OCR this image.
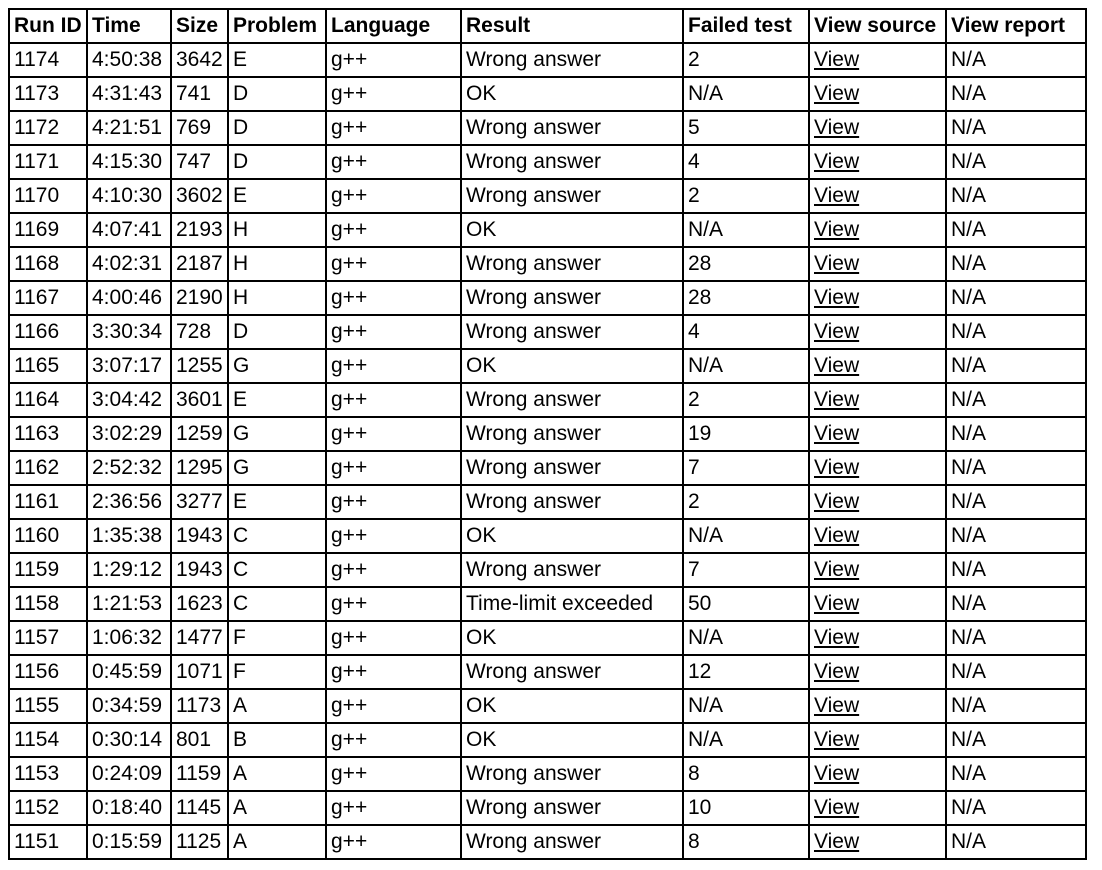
Run ID	Time	Size	Problem	Language	Result	Failed test	View source	View report
1174	4:50:38	3642	E	g++	Wrong answer	2	View	N/A
1173	4:31:43	741	D	g++	OK	N/A	View	N/A
1172	4:21:51	769	D	g++	Wrong answer	5	View	N/A
1171	4:15:30	747	D	g++	Wrong answer	4	View	N/A
1170	4:10:30	3602	E	g++	Wrong answer	2	View	N/A
1169	4:07:41	2193	H	g++	OK	N/A	View	N/A
1168	4:02:31	2187	H	g++	Wrong answer	28	View	N/A
1167	4:00:46	2190	H	g++	Wrong answer	28	View	N/A
1166	3:30:34	728	D	g++	Wrong answer	4	View	N/A
1165	3:07:17	1255	G	g++	OK	N/A	View	N/A
1164	3:04:42	3601	E	g++	Wrong answer	2	View	N/A
1163	3:02:29	1259	G	g++	Wrong answer	19	View	N/A
1162	2:52:32	1295	G	g++	Wrong answer	7	View	N/A
1161	2:36:56	3277	E	g++	Wrong answer	2	View	N/A
1160	1:35:38	1943	C	g++	OK	N/A	View	N/A
1159	1:29:12	1943	C	g++	Wrong answer	7	View	N/A
1158	1:21:53	1623	C	g++	Time-limit exceeded	50	View	N/A
1157	1:06:32	1477	F	g++	OK	N/A	View	N/A
1156	0:45:59	1071	F	g++	Wrong answer	12	View	N/A
1155	0:34:59	1173	A	g++	OK	N/A	View	N/A
1154	0:30:14	801	B	g++	OK	N/A	View	N/A
1153	0:24:09	1159	A	g++	Wrong answer	8	View	N/A
1152	0:18:40	1145	A	g++	Wrong answer	10	View	N/A
1151	0:15:59	1125	A	g++	Wrong answer	8	View	N/A
